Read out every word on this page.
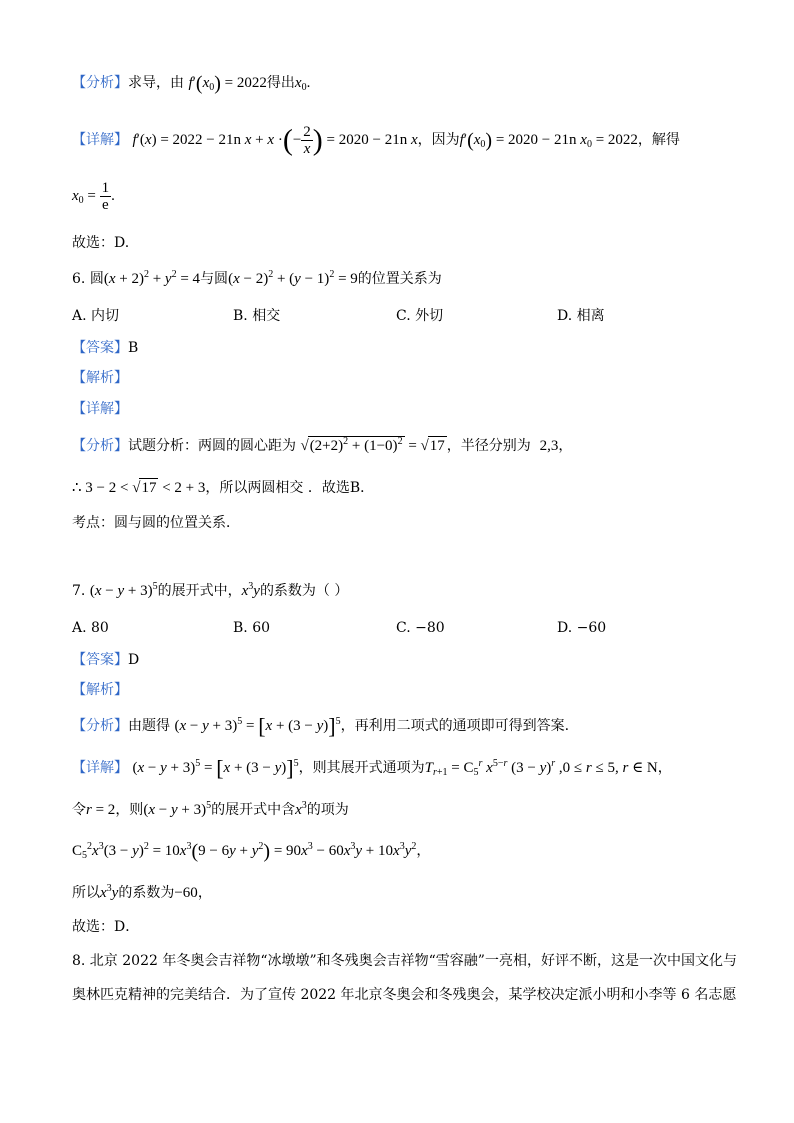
【分析】求导，由 $f'(x_0) = 2022$得出$x_0$.
【详解】 f′(x) = 2022 − 21n x + x ·(− $\frac{2}{x}$ ) = 2020 − 21n x，因为$f'(x_0) = 2020 - 21n$ $x_0 = 2022$，解得
$x_0 = \frac{1}{e}$ .
故选：D.
6. 圆$(x + 2)^2 + y^2 = 4$与圆$(x - 2)^2 + (y - 1)^2 = 9$的位置关系为
A. 内切	B. 相交	C. 外切	D. 相离
【答案】B
【解析】
【详解】
【分析】试题分析：两圆的圆心距为 $√(2+2)^2 + (1-0)^2 = √17$ ，半径分别为 2,3，
∴ 3 − 2 < √17 < 2 + 3，所以两圆相交 ．故选B．
考点：圆与圆的位置关系．
7. $(x - y + 3)^5$的展开式中，$x^3y$的系数为（ ）
A. 80	B. 60	C. −80	D. −60
【答案】D
【解析】
【分析】由题得 $(x - y + 3)^5 = [x + (3 - y)]^5$，再利用二项式的通项即可得到答案.
【详解】 $(x - y + 3)^5 = [x + (3 - y)]^5$，则其展开式通项为$T_{r+1} = C_5^r$ $x^{5-r}$ $(3 - y)^r$ ,0 ≤ r ≤ 5, r ∈ N，
令r = 2，则$(x - y + 3)^5$的展开式中含$x^3$的项为
$C_5^2x^3(3 - y)^2 = 10x^3(9 - 6y + y^2) = 90x^3 - 60x^3y + 10x^3y^2$，
所以$x^3y$的系数为−60，
故选：D．
8. 北京 2022 年冬奥会吉祥物“冰墩墩”和冬残奥会吉祥物“雪容融”一亮相，好评不断，这是一次中国文化与
奥林匹克精神的完美结合．为了宣传 2022 年北京冬奥会和冬残奥会，某学校决定派小明和小李等 6 名志愿
